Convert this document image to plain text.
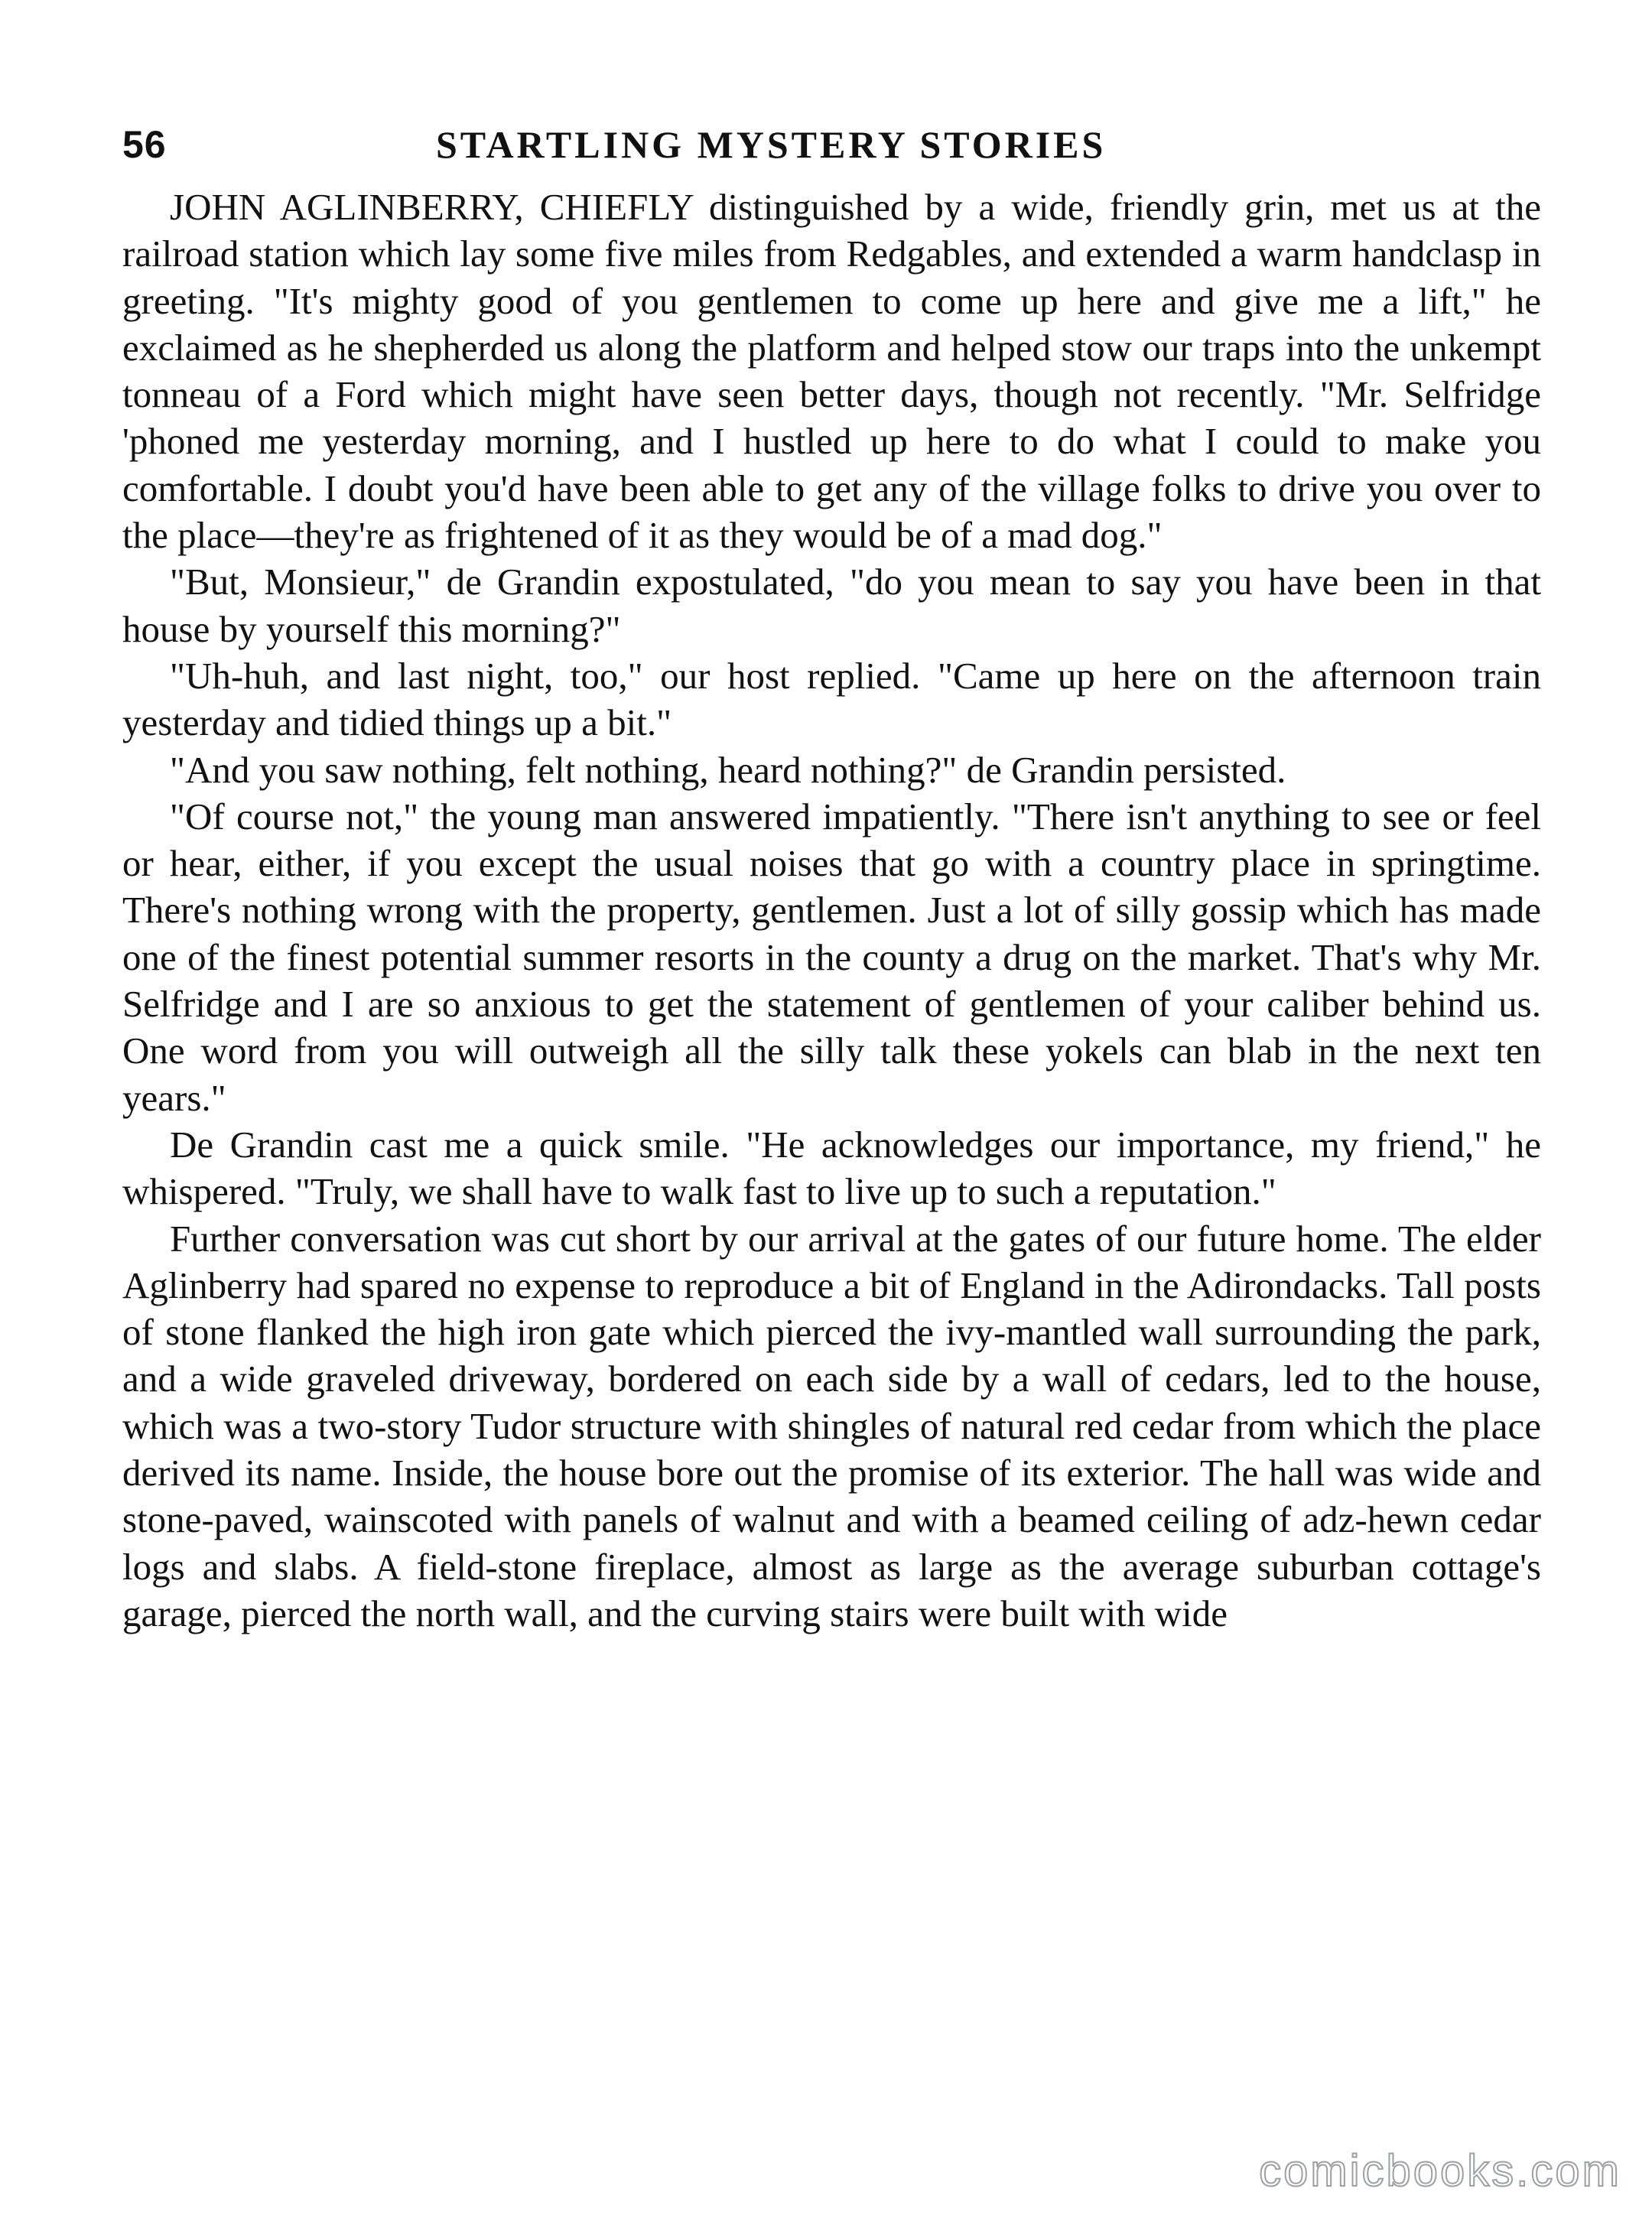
56	STARTLING MYSTERY STORIES

JOHN AGLINBERRY, CHIEFLY distinguished by a wide, friendly grin, met us at the railroad station which lay some five miles from Redgables, and extended a warm handclasp in greeting. "It's mighty good of you gentlemen to come up here and give me a lift," he exclaimed as he shepherded us along the platform and helped stow our traps into the unkempt tonneau of a Ford which might have seen better days, though not recently. "Mr. Selfridge 'phoned me yesterday morning, and I hustled up here to do what I could to make you comfortable. I doubt you'd have been able to get any of the village folks to drive you over to the place—they're as frightened of it as they would be of a mad dog."

"But, Monsieur," de Grandin expostulated, "do you mean to say you have been in that house by yourself this morning?"

"Uh-huh, and last night, too," our host replied. "Came up here on the afternoon train yesterday and tidied things up a bit."

"And you saw nothing, felt nothing, heard nothing?" de Grandin persisted.

"Of course not," the young man answered impatiently. "There isn't anything to see or feel or hear, either, if you except the usual noises that go with a country place in springtime. There's nothing wrong with the property, gentlemen. Just a lot of silly gossip which has made one of the finest potential summer resorts in the county a drug on the market. That's why Mr. Selfridge and I are so anxious to get the statement of gentlemen of your caliber behind us. One word from you will outweigh all the silly talk these yokels can blab in the next ten years."

De Grandin cast me a quick smile. "He acknowledges our importance, my friend," he whispered. "Truly, we shall have to walk fast to live up to such a reputation."

Further conversation was cut short by our arrival at the gates of our future home. The elder Aglinberry had spared no expense to reproduce a bit of England in the Adirondacks. Tall posts of stone flanked the high iron gate which pierced the ivy-mantled wall surrounding the park, and a wide graveled driveway, bordered on each side by a wall of cedars, led to the house, which was a two-story Tudor structure with shingles of natural red cedar from which the place derived its name. Inside, the house bore out the promise of its exterior. The hall was wide and stone-paved, wainscoted with panels of walnut and with a beamed ceiling of adz-hewn cedar logs and slabs. A field-stone fireplace, almost as large as the average suburban cottage's garage, pierced the north wall, and the curving stairs were built with wide

comicbooks.com
